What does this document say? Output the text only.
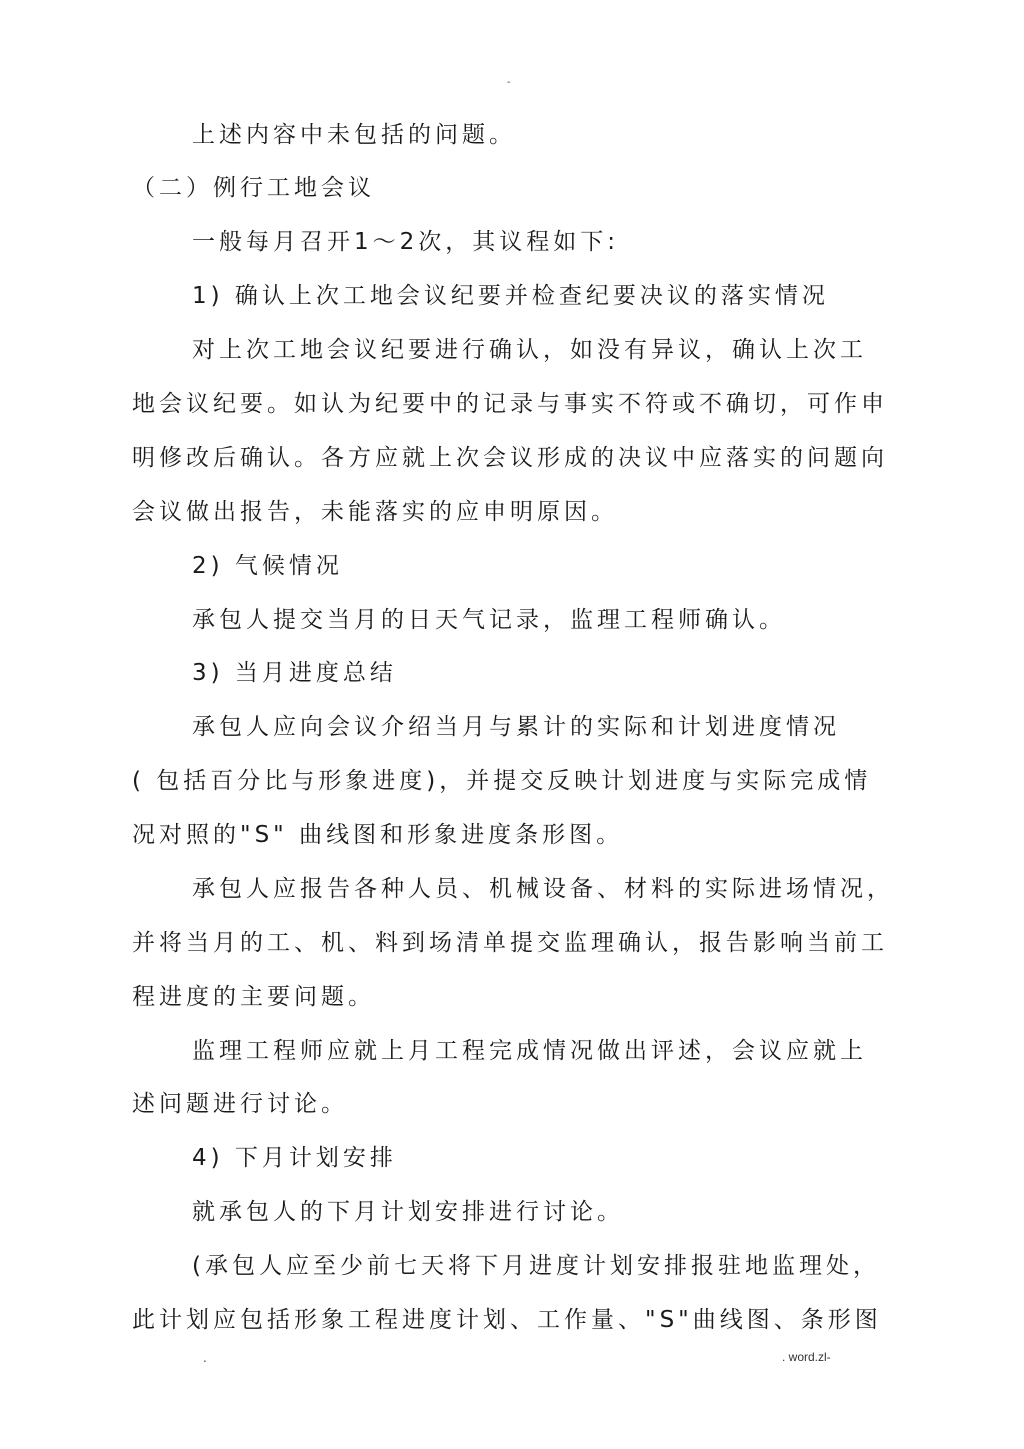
-
上述内容中未包括的问题。
（二）例行工地会议
一般每月召开1～2次，其议程如下:
1) 确认上次工地会议纪要并检查纪要决议的落实情况
对上次工地会议纪要进行确认，如没有异议，确认上次工
地会议纪要。如认为纪要中的记录与事实不符或不确切，可作申
明修改后确认。各方应就上次会议形成的决议中应落实的问题向
会议做出报告，未能落实的应申明原因。
2) 气候情况
承包人提交当月的日天气记录，监理工程师确认。
3) 当月进度总结
承包人应向会议介绍当月与累计的实际和计划进度情况
( 包括百分比与形象进度)，并提交反映计划进度与实际完成情
况对照的"S" 曲线图和形象进度条形图。
承包人应报告各种人员、机械设备、材料的实际进场情况，
并将当月的工、机、料到场清单提交监理确认，报告影响当前工
程进度的主要问题。
监理工程师应就上月工程完成情况做出评述，会议应就上
述问题进行讨论。
4) 下月计划安排
就承包人的下月计划安排进行讨论。
(承包人应至少前七天将下月进度计划安排报驻地监理处，
此计划应包括形象工程进度计划、工作量、"S"曲线图、条形图
.	. word.zl-
